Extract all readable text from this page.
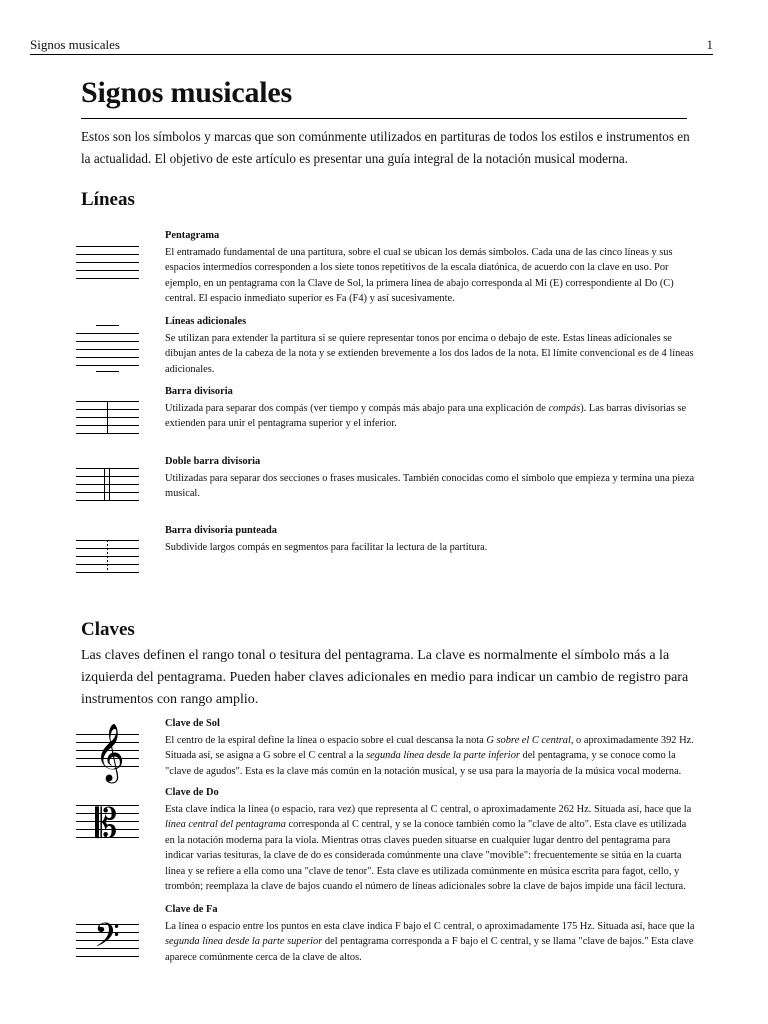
Signos musicales	1
Signos musicales

Estos son los símbolos y marcas que son comúnmente utilizados en partituras de todos los estilos e instrumentos en la actualidad. El objetivo de este artículo es presentar una guía integral de la notación musical moderna.

Líneas

Pentagrama

El entramado fundamental de una partitura, sobre el cual se ubican los demás símbolos. Cada una de las cinco líneas y sus espacios intermedios corresponden a los siete tonos repetitivos de la escala diatónica, de acuerdo con la clave en uso. Por ejemplo, en un pentagrama con la Clave de Sol, la primera línea de abajo corresponda al Mi (E) correspondiente al Do (C) central. El espacio inmediato superior es Fa (F4) y así sucesivamente.

Líneas adicionales

Se utilizan para extender la partitura si se quiere representar tonos por encima o debajo de este. Estas líneas adicionales se dibujan antes de la cabeza de la nota y se extienden brevemente a los dos lados de la nota. El límite convencional es de 4 líneas adicionales.

Barra divisoria

Utilizada para separar dos compás (ver tiempo y compás más abajo para una explicación de compás). Las barras divisorias se extienden para unir el pentagrama superior y el inferior.

Doble barra divisoria

Utilizadas para separar dos secciones o frases musicales. También conocidas como el símbolo que empieza y termina una pieza musical.

Barra divisoria punteada

Subdivide largos compás en segmentos para facilitar la lectura de la partitura.

Claves

Las claves definen el rango tonal o tesitura del pentagrama. La clave es normalmente el símbolo más a la izquierda del pentagrama. Pueden haber claves adicionales en medio para indicar un cambio de registro para instrumentos con rango amplio.

𝄞	Clave de Sol

El centro de la espiral define la línea o espacio sobre el cual descansa la nota G sobre el C central, o aproximadamente 392 Hz. Situada así, se asigna a G sobre el C central a la segunda línea desde la parte inferior del pentagrama, y se conoce como la "clave de agudos". Esta es la clave más común en la notación musical, y se usa para la mayoría de la música vocal moderna.

𝄡

Clave de Do

Esta clave indica la línea (o espacio, rara vez) que representa al C central, o aproximadamente 262 Hz. Situada así, hace que la línea central del pentagrama corresponda al C central, y se la conoce también como la "clave de alto". Esta clave es utilizada en la notación moderna para la viola. Mientras otras claves pueden situarse en cualquier lugar dentro del pentagrama para indicar varias tesituras, la clave de do es considerada comúnmente una clave "movible": frecuentemente se sitúa en la cuarta línea y se refiere a ella como una "clave de tenor". Esta clave es utilizada comúnmente en música escrita para fagot, cello, y trombón; reemplaza la clave de bajos cuando el número de líneas adicionales sobre la clave de bajos impide una fácil lectura.

𝄢

Clave de Fa

La línea o espacio entre los puntos en esta clave indica F bajo el C central, o aproximadamente 175 Hz. Situada así, hace que la segunda línea desde la parte superior del pentagrama corresponda a F bajo el C central, y se llama "clave de bajos." Esta clave aparece comúnmente cerca de la clave de altos.
